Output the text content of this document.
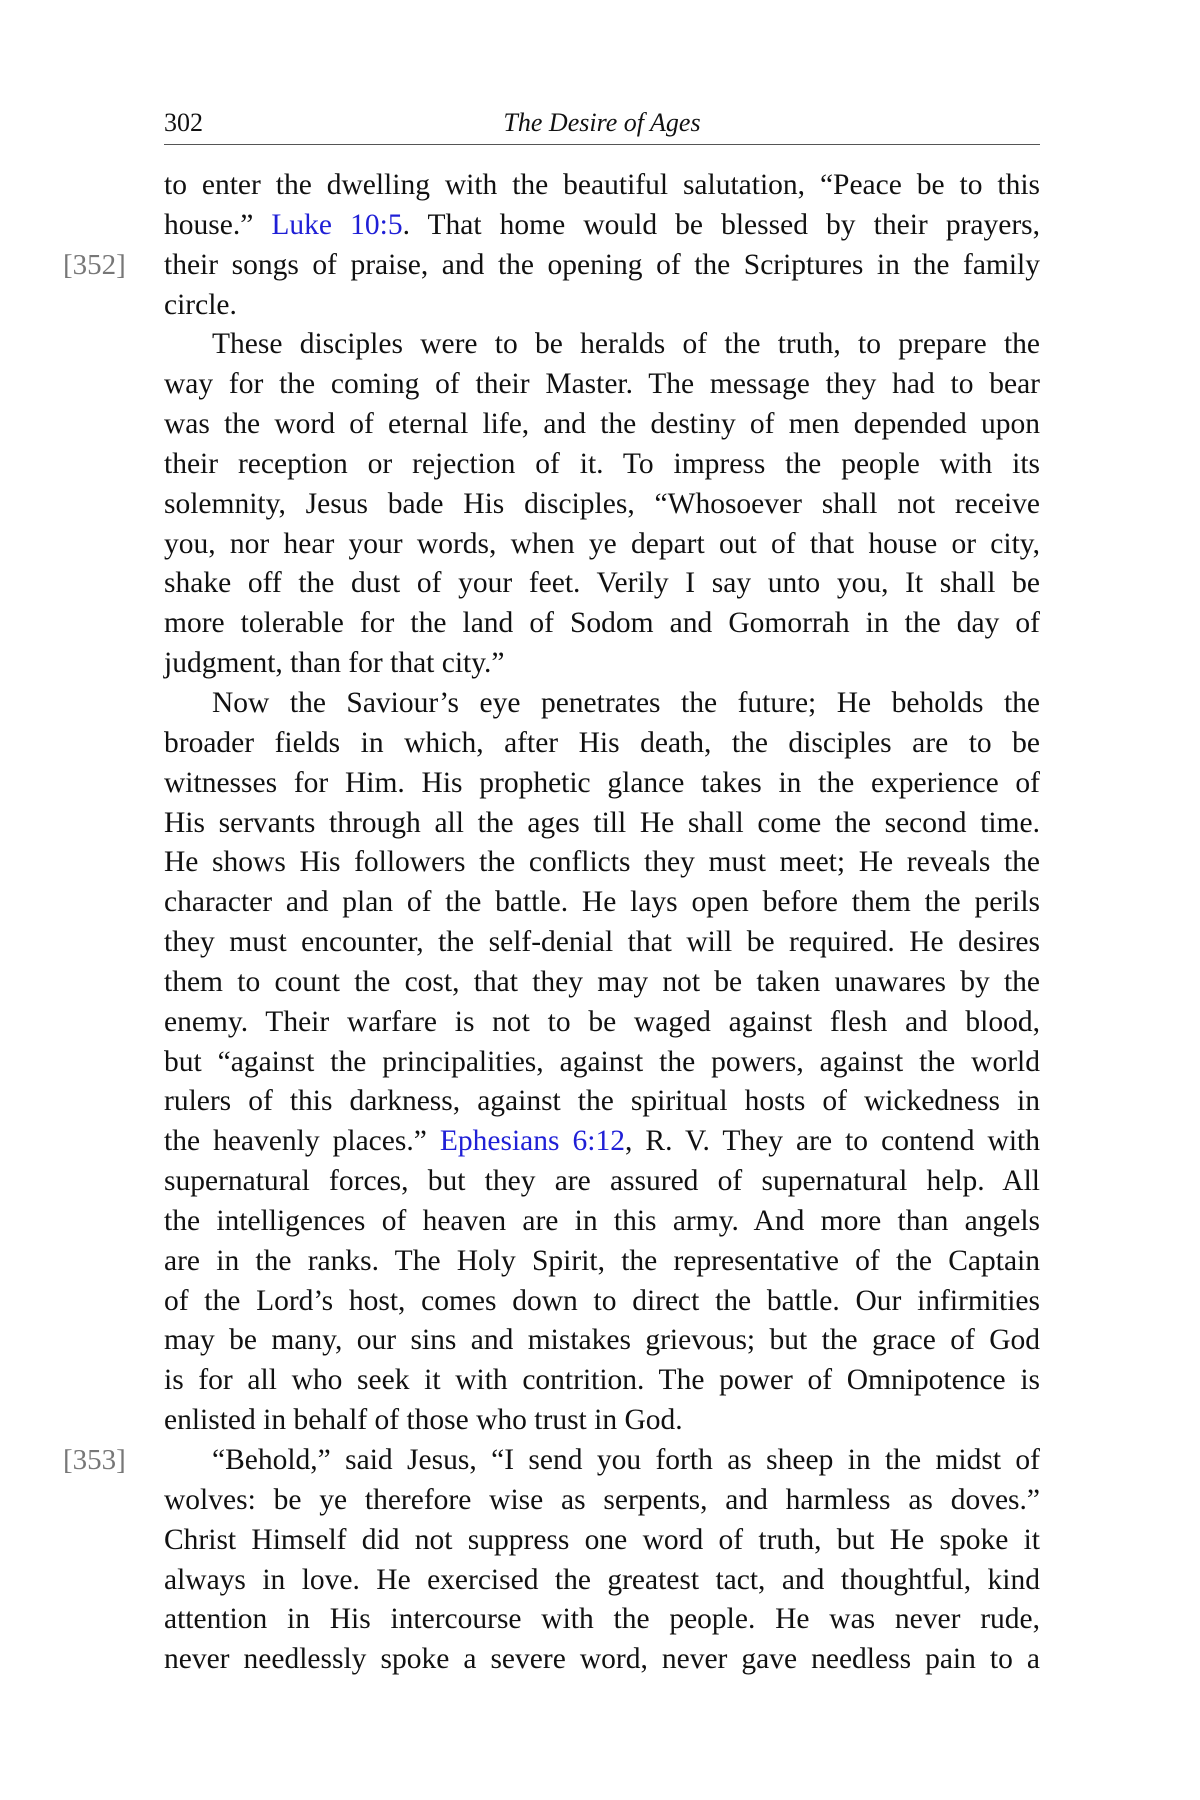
302	The Desire of Ages
to enter the dwelling with the beautiful salutation, “Peace be to this
house.” Luke 10:5. That home would be blessed by their prayers,
[352] their songs of praise, and the opening of the Scriptures in the family
circle.
These disciples were to be heralds of the truth, to prepare the
way for the coming of their Master. The message they had to bear
was the word of eternal life, and the destiny of men depended upon
their reception or rejection of it. To impress the people with its
solemnity, Jesus bade His disciples, “Whosoever shall not receive
you, nor hear your words, when ye depart out of that house or city,
shake off the dust of your feet. Verily I say unto you, It shall be
more tolerable for the land of Sodom and Gomorrah in the day of
judgment, than for that city.”
Now the Saviour’s eye penetrates the future; He beholds the
broader fields in which, after His death, the disciples are to be
witnesses for Him. His prophetic glance takes in the experience of
His servants through all the ages till He shall come the second time.
He shows His followers the conflicts they must meet; He reveals the
character and plan of the battle. He lays open before them the perils
they must encounter, the self-denial that will be required. He desires
them to count the cost, that they may not be taken unawares by the
enemy. Their warfare is not to be waged against flesh and blood,
but “against the principalities, against the powers, against the world
rulers of this darkness, against the spiritual hosts of wickedness in
the heavenly places.” Ephesians 6:12, R. V. They are to contend with
supernatural forces, but they are assured of supernatural help. All
the intelligences of heaven are in this army. And more than angels
are in the ranks. The Holy Spirit, the representative of the Captain
of the Lord’s host, comes down to direct the battle. Our infirmities
may be many, our sins and mistakes grievous; but the grace of God
is for all who seek it with contrition. The power of Omnipotence is
enlisted in behalf of those who trust in God.
[353]	“Behold,” said Jesus, “I send you forth as sheep in the midst of
wolves: be ye therefore wise as serpents, and harmless as doves.”
Christ Himself did not suppress one word of truth, but He spoke it
always in love. He exercised the greatest tact, and thoughtful, kind
attention in His intercourse with the people. He was never rude,
never needlessly spoke a severe word, never gave needless pain to a
